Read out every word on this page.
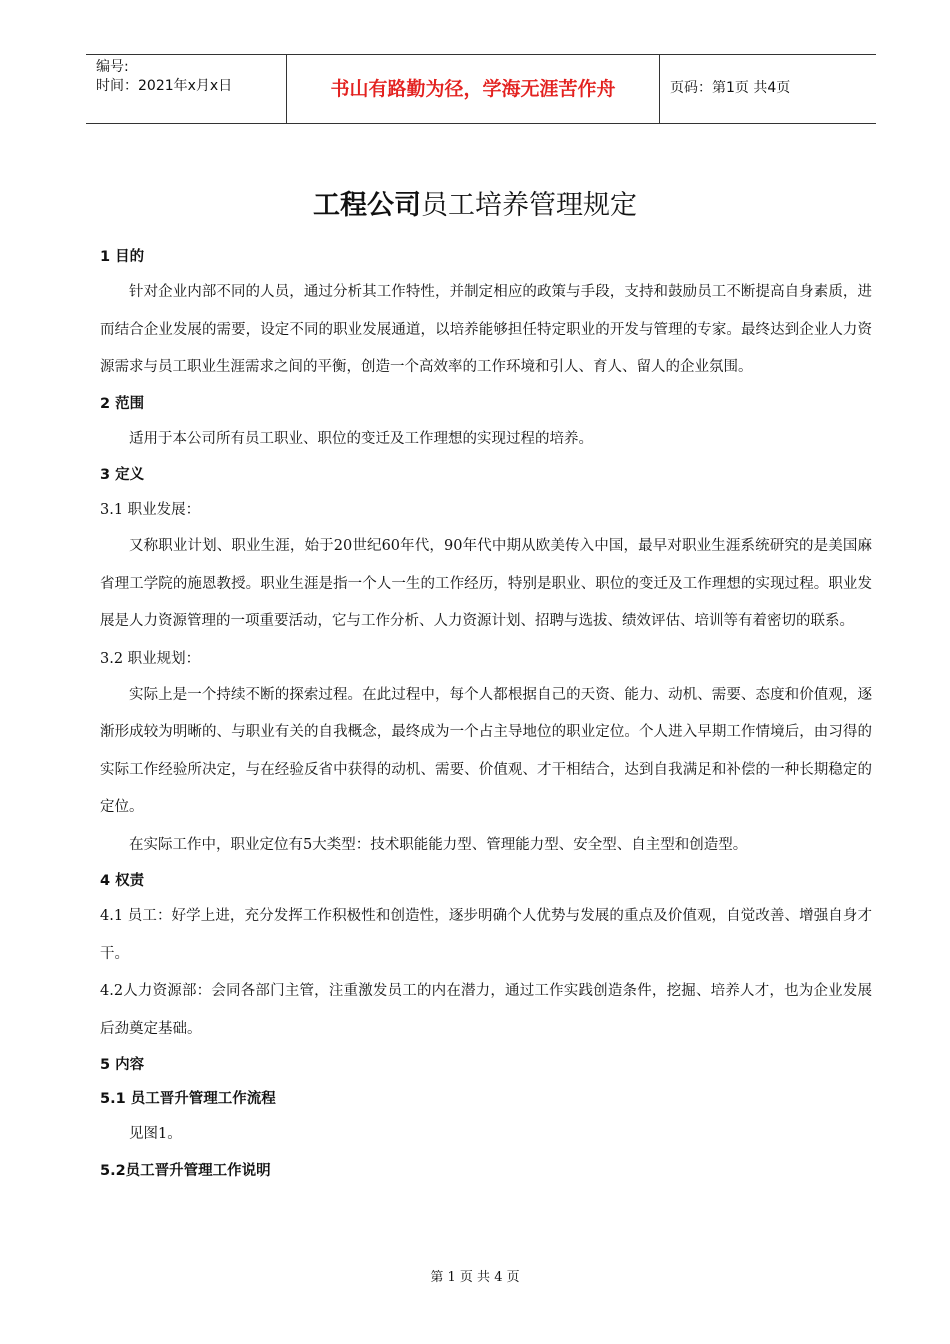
编号:
时间：2021年x月x日	书山有路勤为径，学海无涯苦作舟	页码：第1页 共4页
工程公司员工培养管理规定
1 目的
针对企业内部不同的人员，通过分析其工作特性，并制定相应的政策与手段，支持和鼓励员工不断提高自身素质，进而结合企业发展的需要，设定不同的职业发展通道，以培养能够担任特定职业的开发与管理的专家。最终达到企业人力资源需求与员工职业生涯需求之间的平衡，创造一个高效率的工作环境和引人、育人、留人的企业氛围。
2 范围
适用于本公司所有员工职业、职位的变迁及工作理想的实现过程的培养。
3 定义
3.1 职业发展：
又称职业计划、职业生涯，始于20世纪60年代，90年代中期从欧美传入中国，最早对职业生涯系统研究的是美国麻省理工学院的施恩教授。职业生涯是指一个人一生的工作经历，特别是职业、职位的变迁及工作理想的实现过程。职业发展是人力资源管理的一项重要活动，它与工作分析、人力资源计划、招聘与选拔、绩效评估、培训等有着密切的联系。
3.2 职业规划：
实际上是一个持续不断的探索过程。在此过程中，每个人都根据自己的天资、能力、动机、需要、态度和价值观，逐渐形成较为明晰的、与职业有关的自我概念，最终成为一个占主导地位的职业定位。个人进入早期工作情境后，由习得的实际工作经验所决定，与在经验反省中获得的动机、需要、价值观、才干相结合，达到自我满足和补偿的一种长期稳定的定位。
在实际工作中，职业定位有5大类型：技术职能能力型、管理能力型、安全型、自主型和创造型。
4 权责
4.1 员工：好学上进，充分发挥工作积极性和创造性，逐步明确个人优势与发展的重点及价值观，自觉改善、增强自身才干。
4.2人力资源部：会同各部门主管，注重激发员工的内在潜力，通过工作实践创造条件，挖掘、培养人才，也为企业发展后劲奠定基础。
5 内容
5.1 员工晋升管理工作流程
见图1。
5.2员工晋升管理工作说明
第 1 页 共 4 页
